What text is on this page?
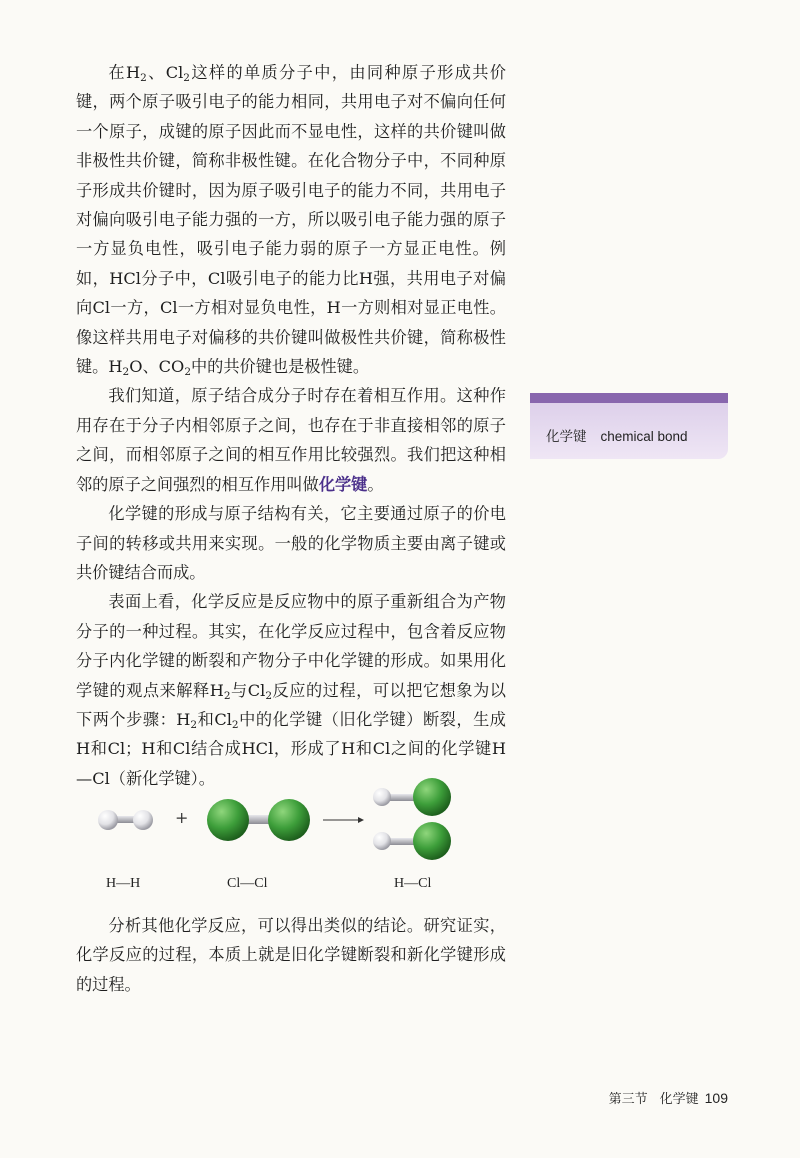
在$H_2$、$Cl_2$这样的单质分子中，由同种原子形成共价键，两个原子吸引电子的能力相同，共用电子对不偏向任何一个原子，成键的原子因此而不显电性，这样的共价键叫做非极性共价键，简称非极性键。在化合物分子中，不同种原子形成共价键时，因为原子吸引电子的能力不同，共用电子对偏向吸引电子能力强的一方，所以吸引电子能力强的原子一方显负电性，吸引电子能力弱的原子一方显正电性。例如，HCl分子中，Cl吸引电子的能力比H强，共用电子对偏向Cl一方，Cl一方相对显负电性，H一方则相对显正电性。像这样共用电子对偏移的共价键叫做极性共价键，简称极性键。$H_2O$、$CO_2$中的共价键也是极性键。

我们知道，原子结合成分子时存在着相互作用。这种作用存在于分子内相邻原子之间，也存在于非直接相邻的原子之间，而相邻原子之间的相互作用比较强烈。我们把这种相邻的原子之间强烈的相互作用叫做化学键。

化学键的形成与原子结构有关，它主要通过原子的价电子间的转移或共用来实现。一般的化学物质主要由离子键或共价键结合而成。

表面上看，化学反应是反应物中的原子重新组合为产物分子的一种过程。其实，在化学反应过程中，包含着反应物分子内化学键的断裂和产物分子中化学键的形成。如果用化学键的观点来解释$H_2$与$Cl_2$反应的过程，可以把它想象为以下两个步骤：$H_2$和$Cl_2$中的化学键（旧化学键）断裂，生成H和Cl；H和Cl结合成HCl，形成了H和Cl之间的化学键H—Cl（新化学键）。

化学键 chemical bond
+
H—H	Cl—Cl	H—Cl

分析其他化学反应，可以得出类似的结论。研究证实，化学反应的过程，本质上就是旧化学键断裂和新化学键形成的过程。

第三节 化学键 109
